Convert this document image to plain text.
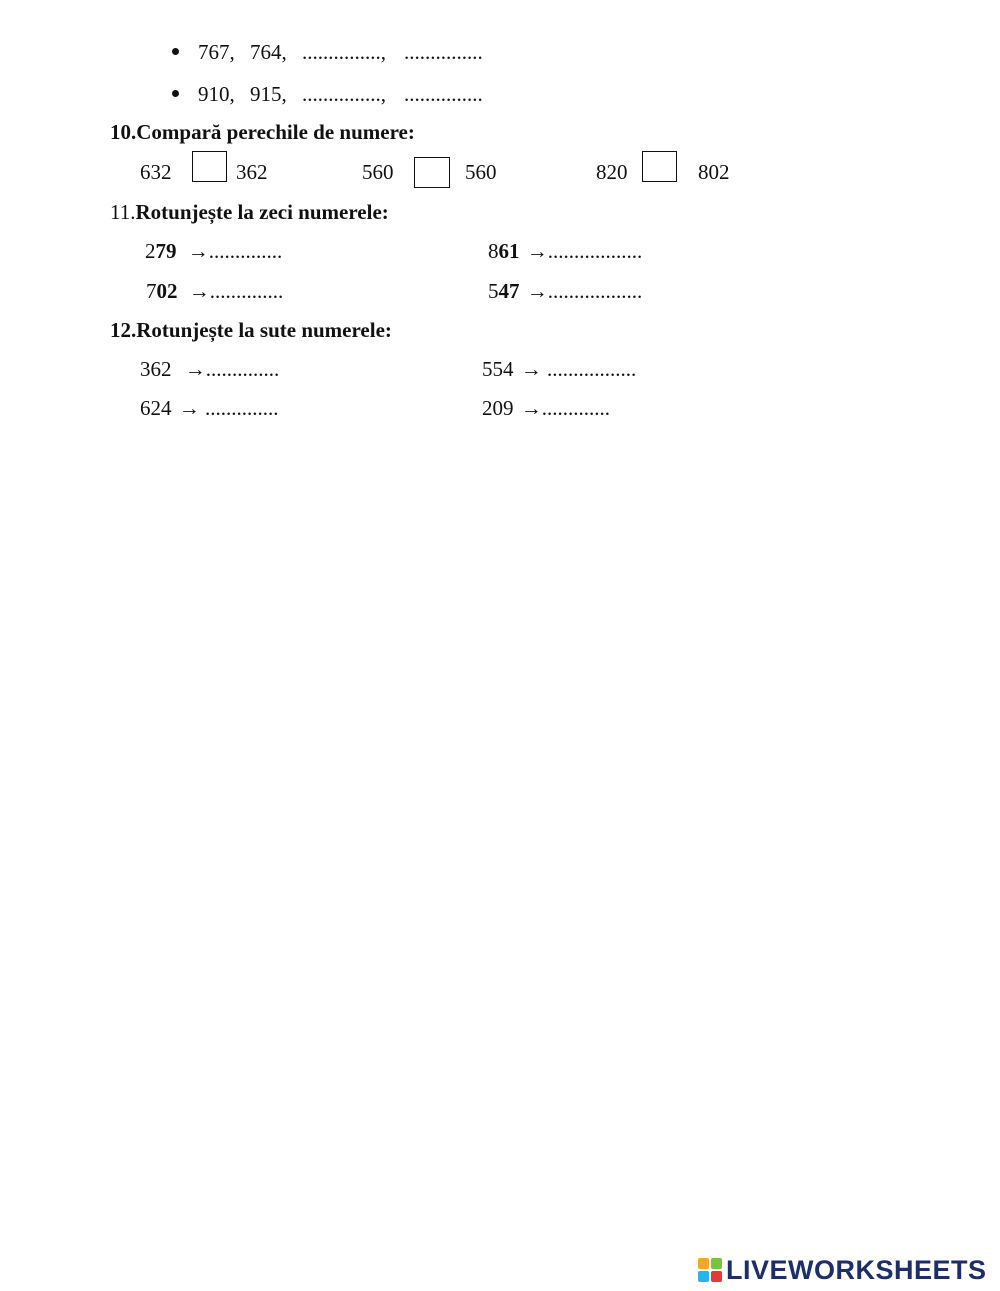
767, 764, ..............., ...............
910, 915, ..............., ...............
10.Compară perechile de numere:
632	362	560	560	820	802
11.Rotunjește la zeci numerele:
279 →..............	861 →..................
702 →..............	547 →..................
12.Rotunjește la sute numerele:
362 →..............	554 → .................
624 → ..............	209 →.............
LIVEWORKSHEETS
